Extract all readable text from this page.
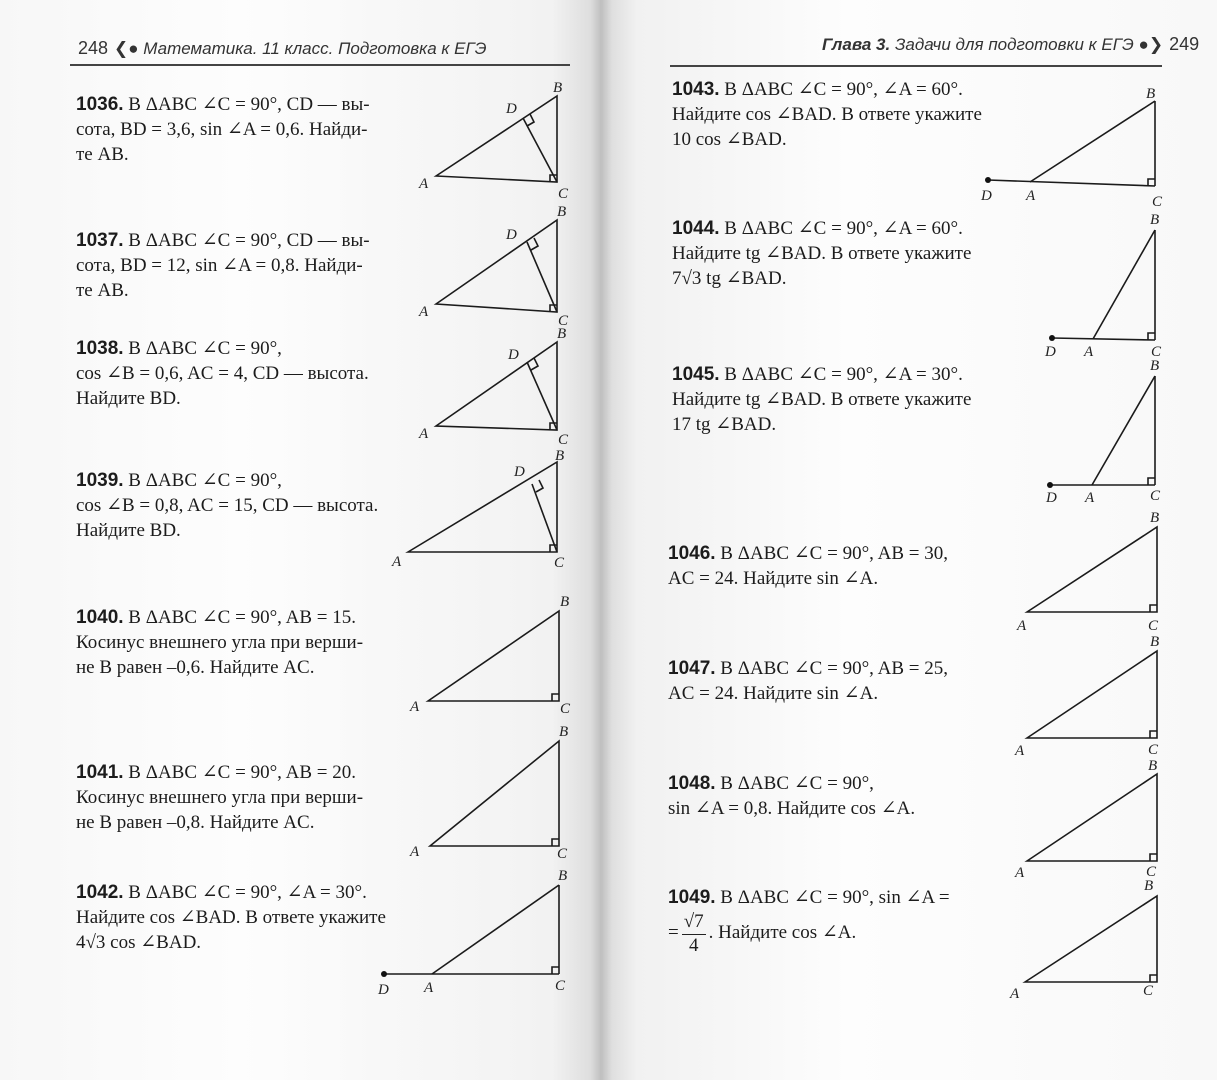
248 ❮● Математика. 11 класс. Подготовка к ЕГЭ	Глава 3. Задачи для подготовки к ЕГЭ ●❯ 249
1036. В ΔABC ∠C = 90°, CD — вы-
сота, BD = 3,6, sin ∠A = 0,6. Найди-
те AB.
1037. В ΔABC ∠C = 90°, CD — вы-
сота, BD = 12, sin ∠A = 0,8. Найди-
те AB.
1038. В ΔABC ∠C = 90°,
cos ∠B = 0,6, AC = 4, CD — высота.
Найдите BD.
1039. В ΔABC ∠C = 90°,
cos ∠B = 0,8, AC = 15, CD — высота.
Найдите BD.
1040. В ΔABC ∠C = 90°, AB = 15.
Косинус внешнего угла при верши-
не B равен –0,6. Найдите AC.
1041. В ΔABC ∠C = 90°, AB = 20.
Косинус внешнего угла при верши-
не B равен –0,8. Найдите AC.
1042. В ΔABC ∠C = 90°, ∠A = 30°.
Найдите cos ∠BAD. В ответе укажите
4√3 cos ∠BAD.
1043. В ΔABC ∠C = 90°, ∠A = 60°.
Найдите cos ∠BAD. В ответе укажите
10 cos ∠BAD.
1044. В ΔABC ∠C = 90°, ∠A = 60°.
Найдите tg ∠BAD. В ответе укажите
7√3 tg ∠BAD.
1045. В ΔABC ∠C = 90°, ∠A = 30°.
Найдите tg ∠BAD. В ответе укажите
17 tg ∠BAD.
1046. В ΔABC ∠C = 90°, AB = 30,
AC = 24. Найдите sin ∠A.
1047. В ΔABC ∠C = 90°, AB = 25,
AC = 24. Найдите sin ∠A.
1048. В ΔABC ∠C = 90°,
sin ∠A = 0,8. Найдите cos ∠A.
1049. В ΔABC ∠C = 90°, sin ∠A =
= $\frac{√7}{4}$ . Найдите cos ∠A.
A
B
C
D
A
B
C
D
A
B
C
D
A
B
C
D
A
B
C
A
B
C
D A
B
C
D A
B
C
D A
B
C
D A
B
C
A
B
C
A
B
C
A
B
C
A
B
C
